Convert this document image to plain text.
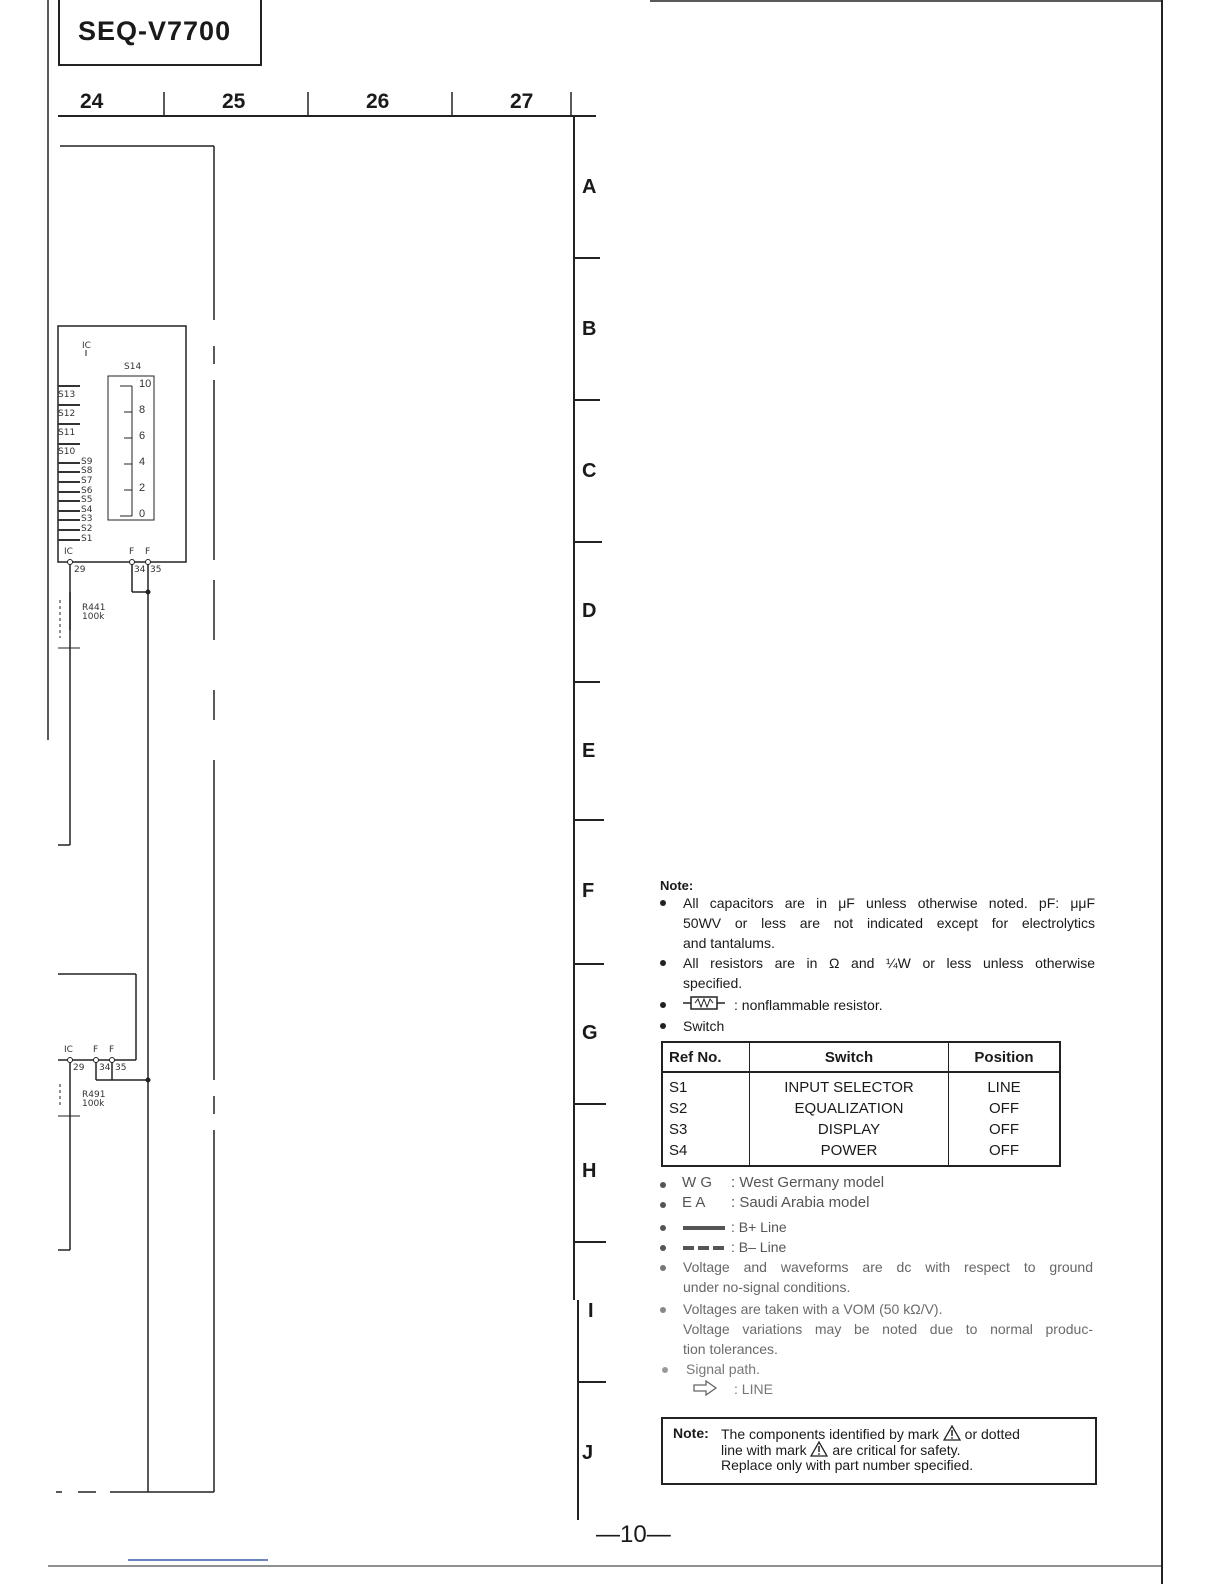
SEQ-V7700
24	25	26	27
A
B
C
D
E
F
G
H
I
J
IC
S14
S13
S12
S11
S10
S9
S8
S7
S6
S5
S4
S3
S2
S1
10
8
6
4
2
0
IC	F F
29	34 35
R441
100k
IC F F
29 34 35
R491
100k
Note:
All capacitors are in μF unless otherwise noted. pF: μμF
50WV or less are not indicated except for electrolytics
and tantalums.
All resistors are in Ω and ¼W or less unless otherwise
specified.
: nonflammable resistor.
Switch
Ref No.	Switch	Position
S1	INPUT SELECTOR	LINE
S2	EQUALIZATION	OFF
S3	DISPLAY	OFF
S4	POWER	OFF
W G : West Germany model
E A : Saudi Arabia model
: B+ Line
: B– Line
Voltage and waveforms are dc with respect to ground
under no-signal conditions.
Voltages are taken with a VOM (50 kΩ/V).
Voltage variations may be noted due to normal produc-
tion tolerances.
Signal path.
: LINE
Note: The components identified by mark or dotted
line with mark are critical for safety.
Replace only with part number specified.
—10—
